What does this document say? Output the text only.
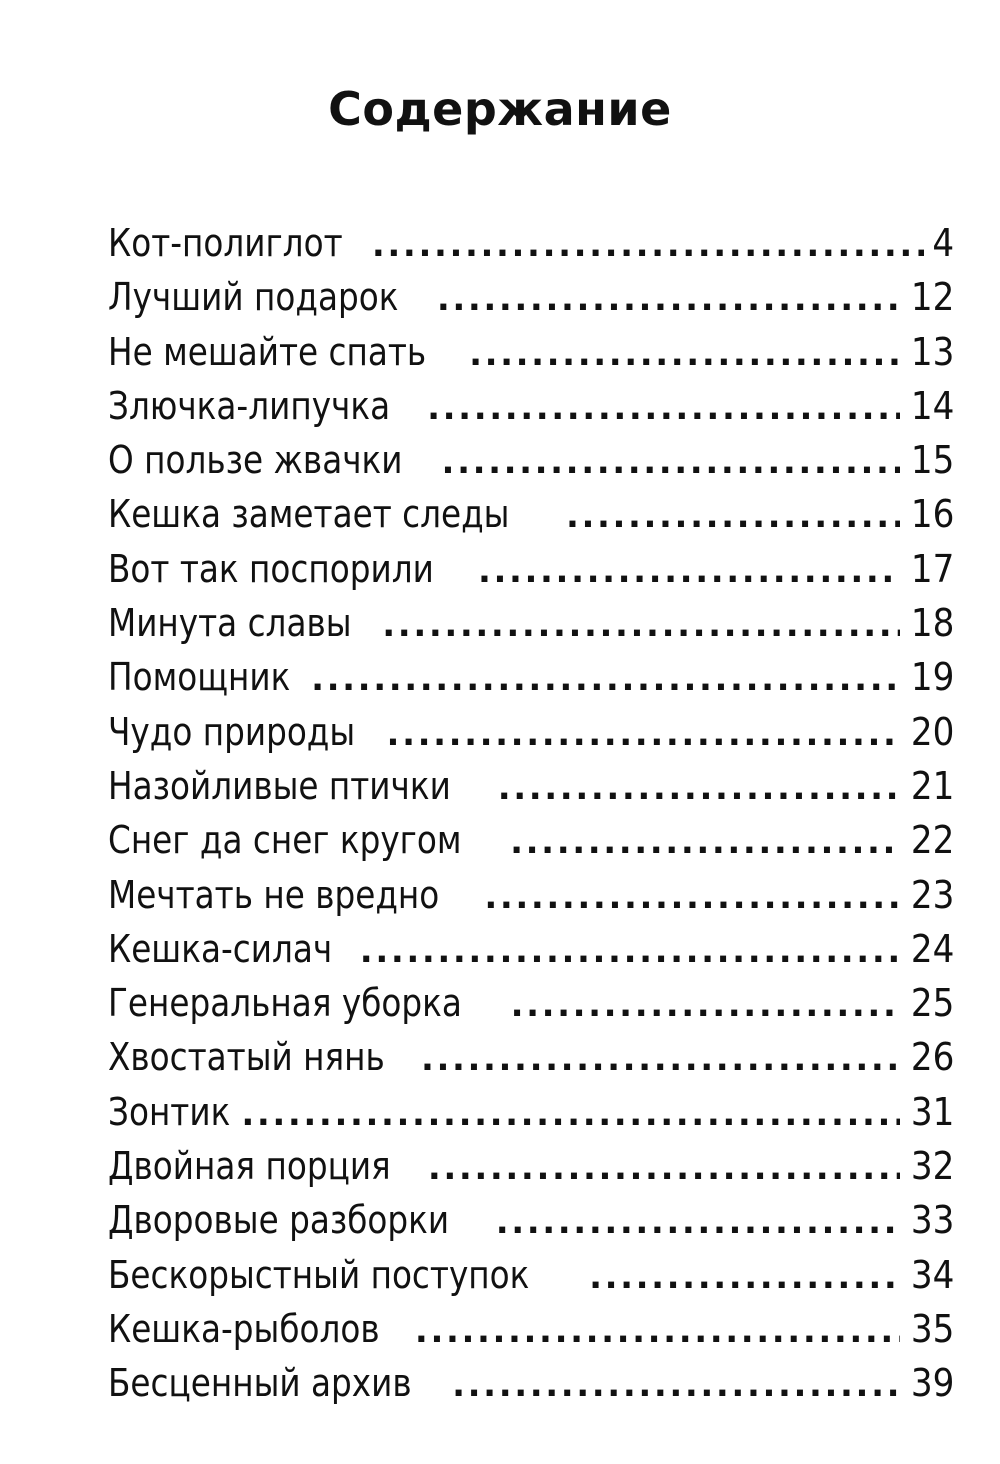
Содержание
Кот-полиглот .....	4
Лучший подарок .....	12
Не мешайте спать .....	13
Злючка-липучка .....	14
О пользе жвачки .....	15
Кешка заметает следы .....	16
Вот так поспорили .....	17
Минута славы .....	18
Помощник .....	19
Чудо природы .....	20
Назойливые птички .....	21
Снег да снег кругом .....	22
Мечтать не вредно .....	23
Кешка-силач .....	24
Генеральная уборка .....	25
Хвостатый нянь .....	26
Зонтик .....	31
Двойная порция .....	32
Дворовые разборки .....	33
Бескорыстный поступок .....	34
Кешка-рыболов .....	35
Бесценный архив .....	39
